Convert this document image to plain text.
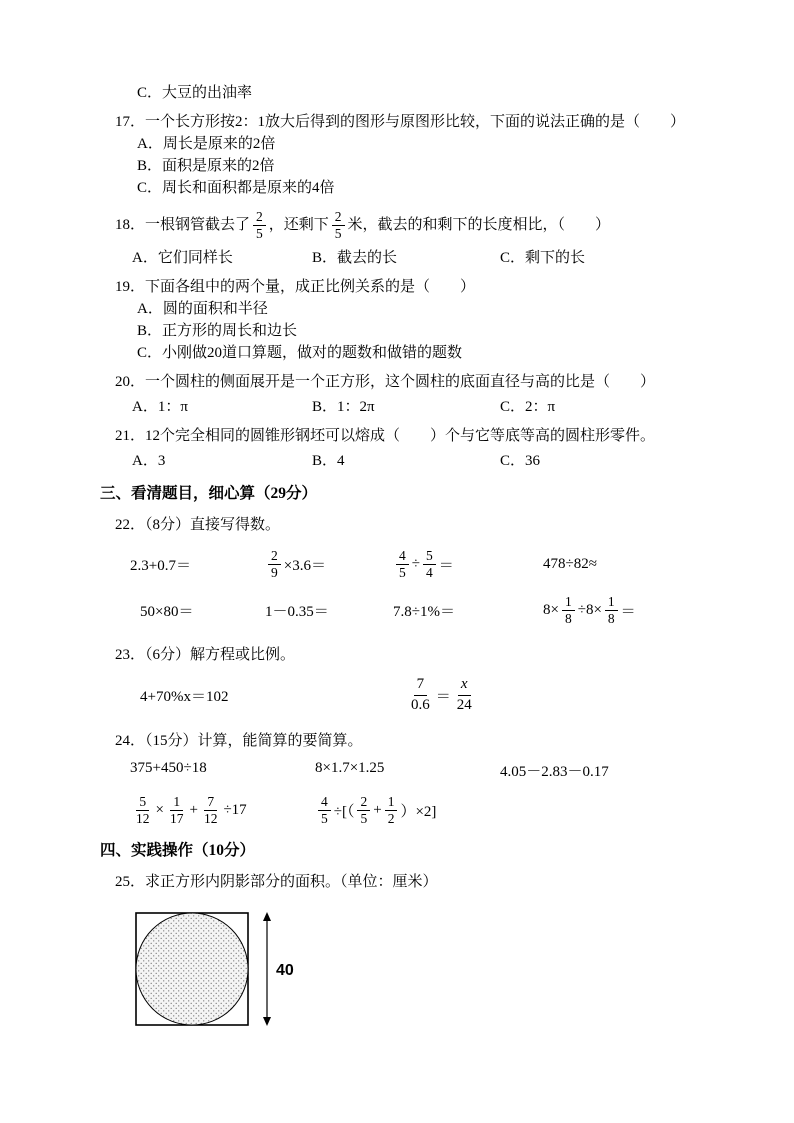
C．大豆的出油率
17．一个长方形按2：1放大后得到的图形与原图形比较，下面的说法正确的是（　　）
A．周长是原来的2倍
B．面积是原来的2倍
C．周长和面积都是原来的4倍
18．一根钢管截去了 $\frac{2}{5}$ ，还剩下 $\frac{2}{5}$ 米，截去的和剩下的长度相比，（　　）
A．它们同样长	B．截去的长	C．剩下的长
19．下面各组中的两个量，成正比例关系的是（　　）
A．圆的面积和半径
B．正方形的周长和边长
C．小刚做20道口算题，做对的题数和做错的题数
20．一个圆柱的侧面展开是一个正方形，这个圆柱的底面直径与高的比是（　　）
A．1：π	B．1：2π	C．2：π
21．12个完全相同的圆锥形钢坯可以熔成（　　）个与它等底等高的圆柱形零件。
A．3	B．4	C．36
三、看清题目，细心算（29分）
22．（8分）直接写得数。
2.3+0.7＝	$\frac{2}{9} \times 3.6=$	$\frac{4}{5} \div \frac{5}{4}$ ＝	478÷82≈
50×80＝	1－0.35＝	7.8÷1%＝	$8\times \frac{1}{8} \div 8\times \frac{1}{8}$ ＝
23．（6分）解方程或比例。
4+70%x＝102	$\frac{7}{0.6} = \frac{x}{24}$
24．（15分）计算，能简算的要简算。
375+450÷18	8×1.7×1.25	4.05－2.83－0.17
$\frac{5}{12} \times \frac{1}{17} + \frac{7}{12} \div 17$	$\frac{4}{5}$ ÷[（ $\frac{2}{5} + \frac{1}{2} )\times 2$]
四、实践操作（10分）
25．求正方形内阴影部分的面积。（单位：厘米）
40
